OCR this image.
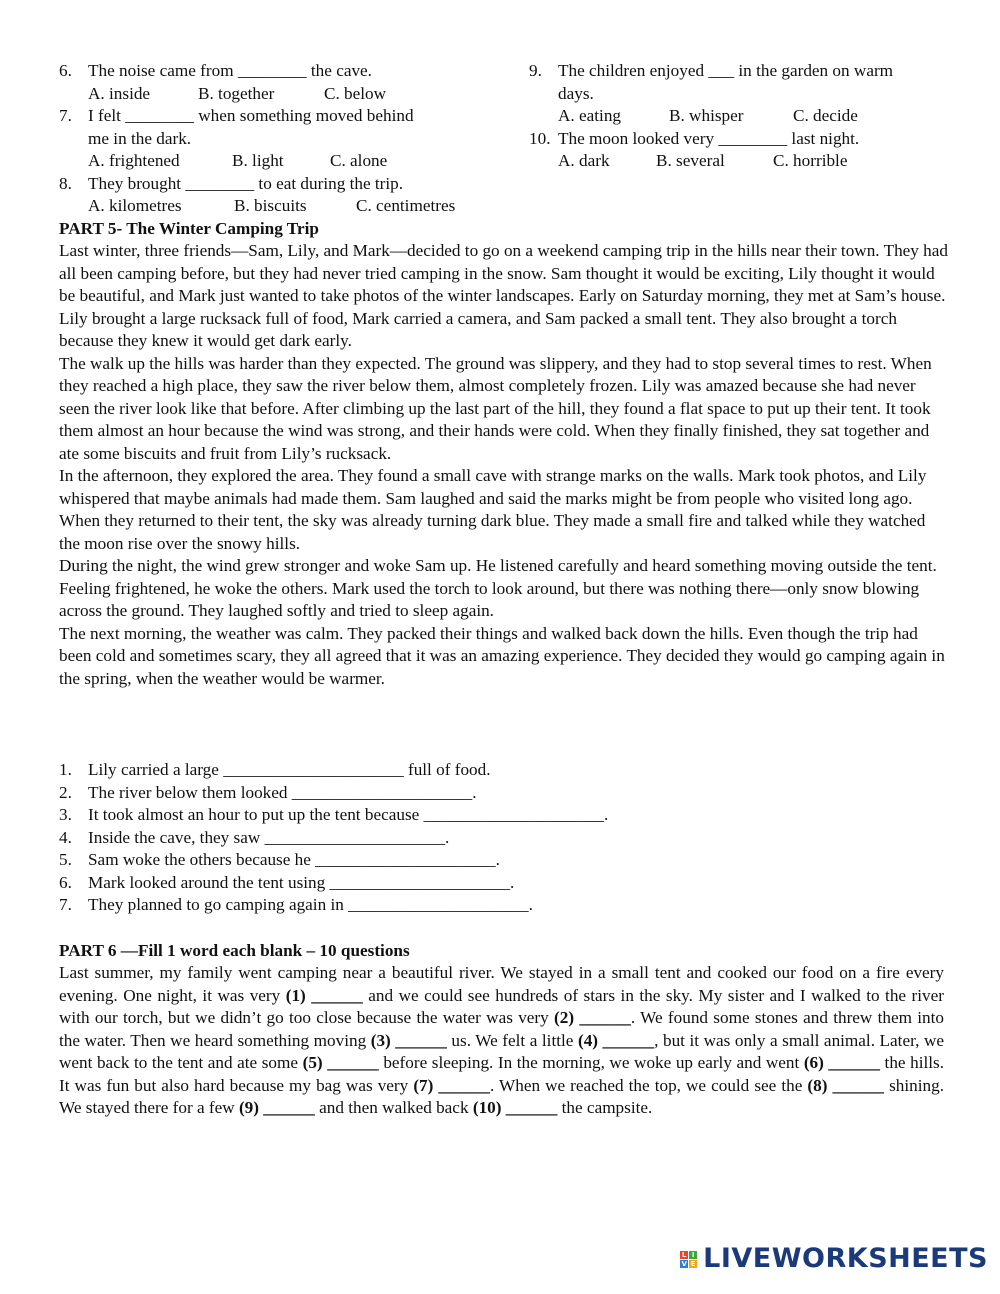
6. The noise came from ________ the cave.
A. inside	B. together	C. below
7. I felt ________ when something moved behind
me in the dark.
A. frightened	B. light	C. alone
8. They brought ________ to eat during the trip.
A. kilometres	B. biscuits	C. centimetres
9. The children enjoyed ___ in the garden on warm
days.
A. eating	B. whisper	C. decide
10. The moon looked very ________ last night.
A. dark	B. several	C. horrible
PART 5- The Winter Camping Trip

Last winter, three friends—Sam, Lily, and Mark—decided to go on a weekend camping trip in the hills near their town. They had all been camping before, but they had never tried camping in the snow. Sam thought it would be exciting, Lily thought it would be beautiful, and Mark just wanted to take photos of the winter landscapes. Early on Saturday morning, they met at Sam’s house. Lily brought a large rucksack full of food, Mark carried a camera, and Sam packed a small tent. They also brought a torch because they knew it would get dark early.

The walk up the hills was harder than they expected. The ground was slippery, and they had to stop several times to rest. When they reached a high place, they saw the river below them, almost completely frozen. Lily was amazed because she had never seen the river look like that before. After climbing up the last part of the hill, they found a flat space to put up their tent. It took them almost an hour because the wind was strong, and their hands were cold. When they finally finished, they sat together and ate some biscuits and fruit from Lily’s rucksack.

In the afternoon, they explored the area. They found a small cave with strange marks on the walls. Mark took photos, and Lily whispered that maybe animals had made them. Sam laughed and said the marks might be from people who visited long ago. When they returned to their tent, the sky was already turning dark blue. They made a small fire and talked while they watched the moon rise over the snowy hills.

During the night, the wind grew stronger and woke Sam up. He listened carefully and heard something moving outside the tent. Feeling frightened, he woke the others. Mark used the torch to look around, but there was nothing there—only snow blowing across the ground. They laughed softly and tried to sleep again.

The next morning, the weather was calm. They packed their things and walked back down the hills. Even though the trip had been cold and sometimes scary, they all agreed that it was an amazing experience. They decided they would go camping again in the spring, when the weather would be warmer.

1. Lily carried a large _____________________ full of food.
2. The river below them looked _____________________.
3. It took almost an hour to put up the tent because _____________________.
4. Inside the cave, they saw _____________________.
5. Sam woke the others because he _____________________.
6. Mark looked around the tent using _____________________.
7. They planned to go camping again in _____________________.
PART 6 —Fill 1 word each blank – 10 questions

Last summer, my family went camping near a beautiful river. We stayed in a small tent and cooked our food on a fire every evening. One night, it was very (1) ______ and we could see hundreds of stars in the sky. My sister and I walked to the river with our torch, but we didn’t go too close because the water was very (2) ______. We found some stones and threw them into the water. Then we heard something moving (3) ______ us. We felt a little (4) ______, but it was only a small animal. Later, we went back to the tent and ate some (5) ______ before sleeping. In the morning, we woke up early and went (6) ______ the hills. It was fun but also hard because my bag was very (7) ______. When we reached the top, we could see the (8) ______ shining. We stayed there for a few (9) ______ and then walked back (10) ______ the campsite.

L I
V E LIVEWORKSHEETS
